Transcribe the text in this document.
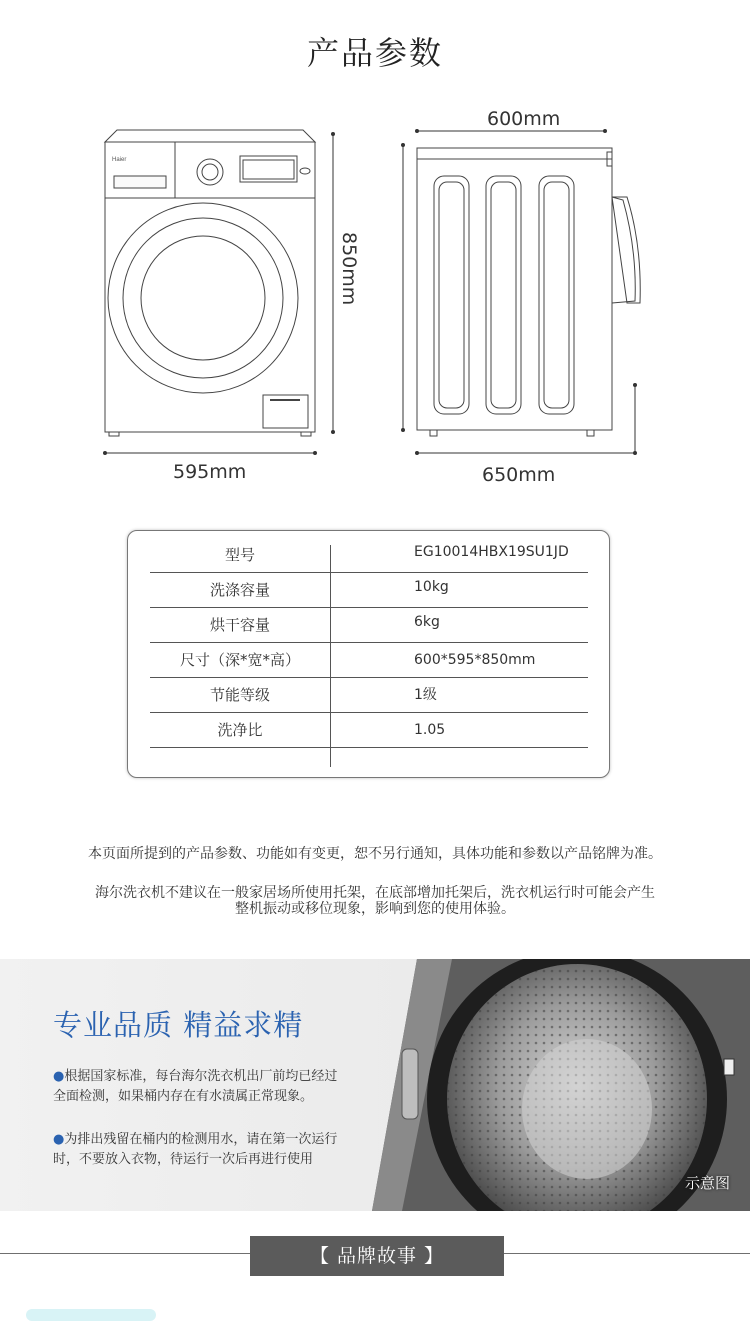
产品参数
Haier
850mm
595mm
600mm
650mm
型号	EG10014HBX19SU1JD
洗涤容量	10kg
烘干容量	6kg
尺寸（深*宽*高）	600*595*850mm
节能等级	1级
洗净比	1.05
本页面所提到的产品参数、功能如有变更，恕不另行通知，具体功能和参数以产品铭牌为准。
海尔洗衣机不建议在一般家居场所使用托架，在底部增加托架后，洗衣机运行时可能会产生
整机振动或移位现象，影响到您的使用体验。
专业品质 精益求精
●根据国家标准，每台海尔洗衣机出厂前均已经过
全面检测，如果桶内存在有水渍属正常现象。
●为排出残留在桶内的检测用水，请在第一次运行
时，不要放入衣物，待运行一次后再进行使用
示意图
【 品牌故事 】
